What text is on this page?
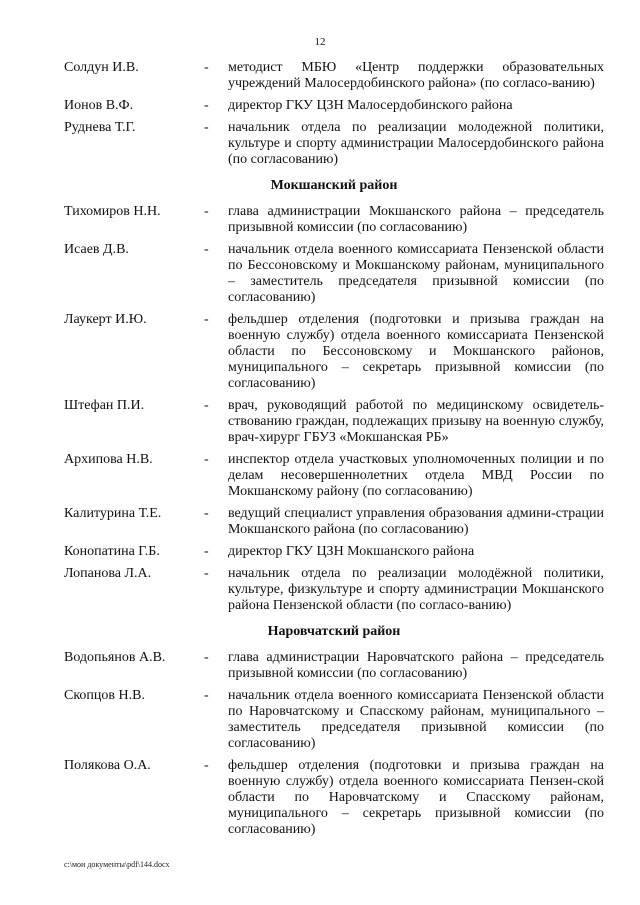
12
Солдун И.В.	-	методист МБЮ «Центр поддержки образовательных учреждений Малосердобинского района» (по согласо-ванию)
Ионов В.Ф.	-	директор ГКУ ЦЗН Малосердобинского района
Руднева Т.Г.	-	начальник отдела по реализации молодежной политики, культуре и спорту администрации Малосердобинского района (по согласованию)
Мокшанский район
Тихомиров Н.Н.	-	глава администрации Мокшанского района – председатель призывной комиссии (по согласованию)
Исаев Д.В.	-	начальник отдела военного комиссариата Пензенской области по Бессоновскому и Мокшанскому районам, муниципального – заместитель председателя призывной комиссии (по согласованию)
Лаукерт И.Ю.	-	фельдшер отделения (подготовки и призыва граждан на военную службу) отдела военного комиссариата Пензенской области по Бессоновскому и Мокшанского районов, муниципального – секретарь призывной комиссии (по согласованию)
Штефан П.И.	-	врач, руководящий работой по медицинскому освидетель-ствованию граждан, подлежащих призыву на военную службу, врач-хирург ГБУЗ «Мокшанская РБ»
Архипова Н.В.	-	инспектор отдела участковых уполномоченных полиции и по делам несовершеннолетних отдела МВД России по Мокшанскому району (по согласованию)
Калитурина Т.Е.	-	ведущий специалист управления образования админи-страции Мокшанского района (по согласованию)
Конопатина Г.Б.	-	директор ГКУ ЦЗН Мокшанского района
Лопанова Л.А.	-	начальник отдела по реализации молодёжной политики, культуре, физкультуре и спорту администрации Мокшанского района Пензенской области (по согласо-ванию)
Наровчатский район
Водопьянов А.В.	-	глава администрации Наровчатского района – председатель призывной комиссии (по согласованию)
Скопцов Н.В.	-	начальник отдела военного комиссариата Пензенской области по Наровчатскому и Спасскому районам, муниципального – заместитель председателя призывной комиссии (по согласованию)
Полякова О.А.	-	фельдшер отделения (подготовки и призыва граждан на военную службу) отдела военного комиссариата Пензен-ской области по Наровчатскому и Спасскому районам, муниципального – секретарь призывной комиссии (по согласованию)
c:\мои документы\pdf\144.docx
